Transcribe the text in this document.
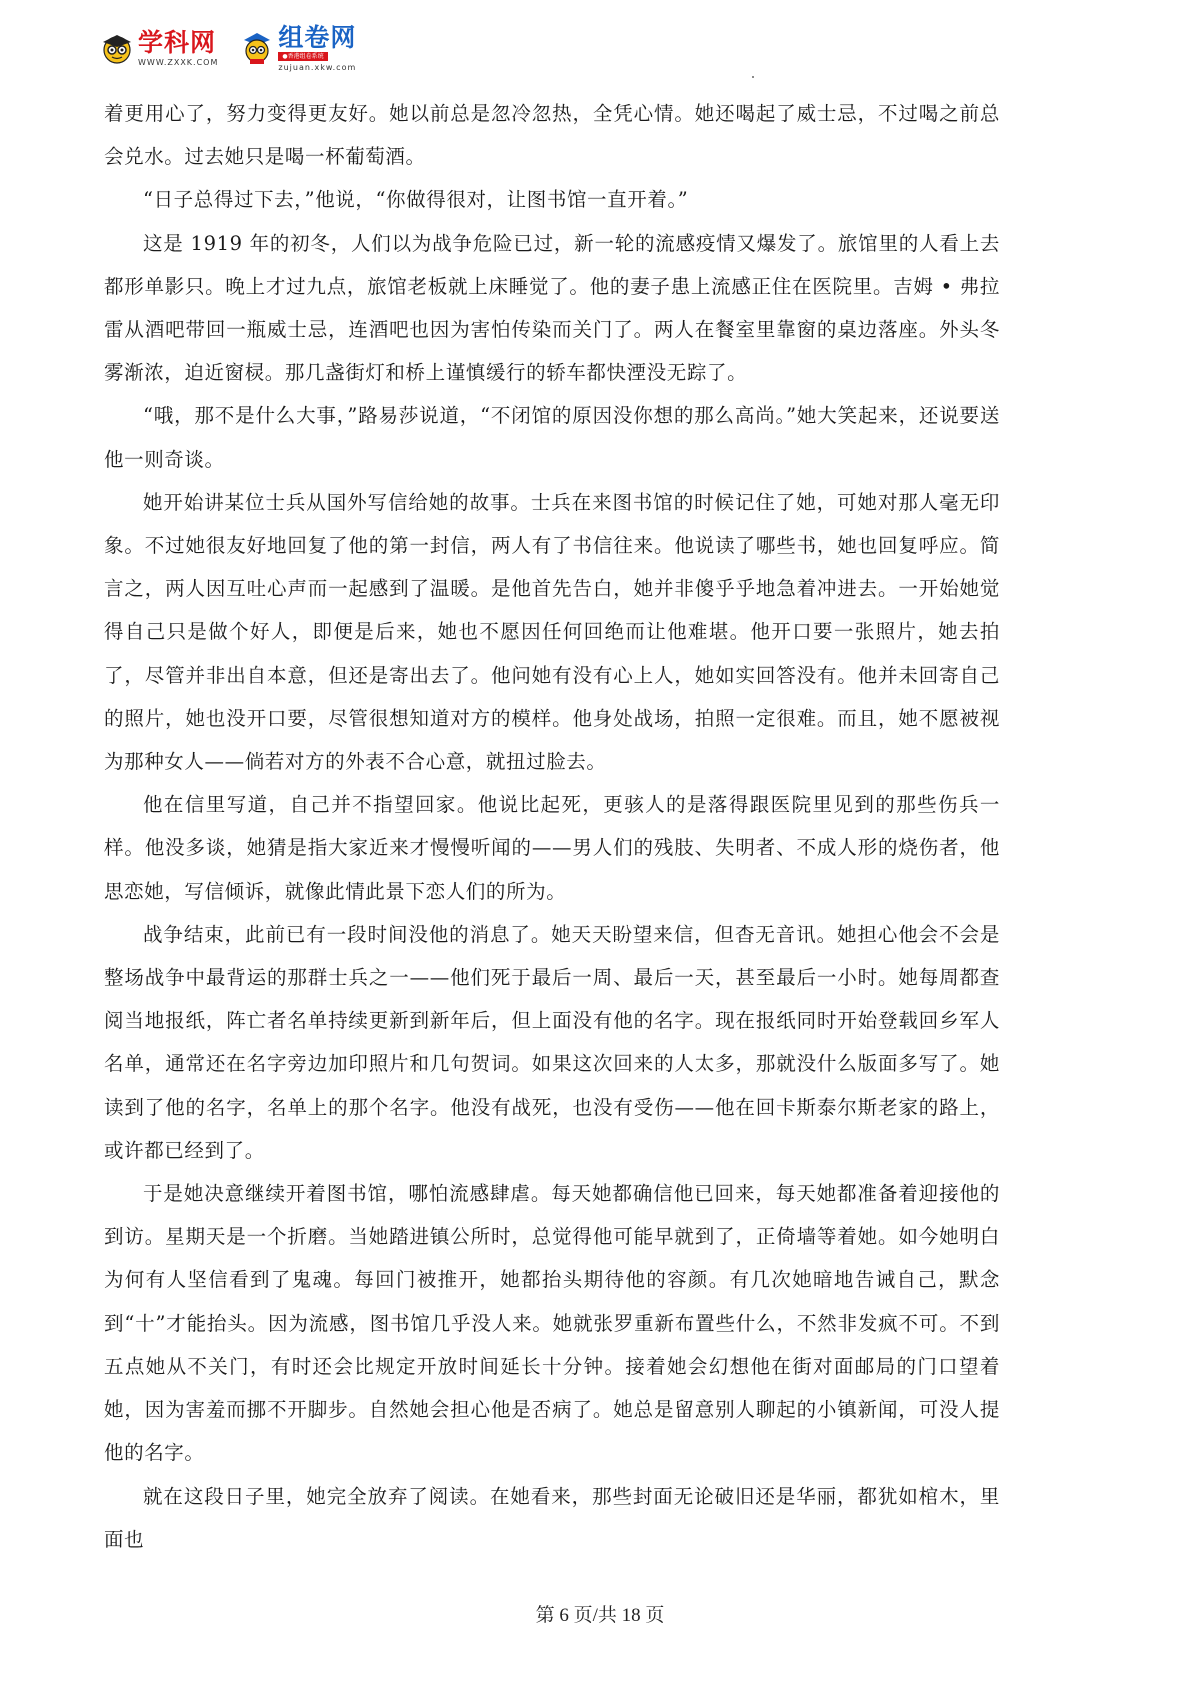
学科网
WWW.ZXXK.COM
组卷网
●香港组卷系统
zujuan.xkw.com

着更用心了，努力变得更友好。她以前总是忽冷忽热，全凭心情。她还喝起了威士忌，不过喝之前总会兑水。过去她只是喝一杯葡萄酒。

“日子总得过下去，”他说，“你做得很对，让图书馆一直开着。”

这是 1919 年的初冬，人们以为战争危险已过，新一轮的流感疫情又爆发了。旅馆里的人看上去都形单影只。晚上才过九点，旅馆老板就上床睡觉了。他的妻子患上流感正住在医院里。吉姆 • 弗拉雷从酒吧带回一瓶威士忌，连酒吧也因为害怕传染而关门了。两人在餐室里靠窗的桌边落座。外头冬雾渐浓，迫近窗棂。那几盏街灯和桥上谨慎缓行的轿车都快湮没无踪了。

“哦，那不是什么大事，”路易莎说道，“不闭馆的原因没你想的那么高尚。”她大笑起来，还说要送他一则奇谈。

她开始讲某位士兵从国外写信给她的故事。士兵在来图书馆的时候记住了她，可她对那人毫无印象。不过她很友好地回复了他的第一封信，两人有了书信往来。他说读了哪些书，她也回复呼应。简言之，两人因互吐心声而一起感到了温暖。是他首先告白，她并非傻乎乎地急着冲进去。一开始她觉得自己只是做个好人，即便是后来，她也不愿因任何回绝而让他难堪。他开口要一张照片，她去拍了，尽管并非出自本意，但还是寄出去了。他问她有没有心上人，她如实回答没有。他并未回寄自己的照片，她也没开口要，尽管很想知道对方的模样。他身处战场，拍照一定很难。而且，她不愿被视为那种女人——倘若对方的外表不合心意，就扭过脸去。

他在信里写道，自己并不指望回家。他说比起死，更骇人的是落得跟医院里见到的那些伤兵一样。他没多谈，她猜是指大家近来才慢慢听闻的——男人们的残肢、失明者、不成人形的烧伤者，他思恋她，写信倾诉，就像此情此景下恋人们的所为。

战争结束，此前已有一段时间没他的消息了。她天天盼望来信，但杳无音讯。她担心他会不会是整场战争中最背运的那群士兵之一——他们死于最后一周、最后一天，甚至最后一小时。她每周都查阅当地报纸，阵亡者名单持续更新到新年后，但上面没有他的名字。现在报纸同时开始登载回乡军人名单，通常还在名字旁边加印照片和几句贺词。如果这次回来的人太多，那就没什么版面多写了。她读到了他的名字，名单上的那个名字。他没有战死，也没有受伤——他在回卡斯泰尔斯老家的路上，或许都已经到了。

于是她决意继续开着图书馆，哪怕流感肆虐。每天她都确信他已回来，每天她都准备着迎接他的到访。星期天是一个折磨。当她踏进镇公所时，总觉得他可能早就到了，正倚墙等着她。如今她明白为何有人坚信看到了鬼魂。每回门被推开，她都抬头期待他的容颜。有几次她暗地告诫自己，默念到“十”才能抬头。因为流感，图书馆几乎没人来。她就张罗重新布置些什么，不然非发疯不可。不到五点她从不关门，有时还会比规定开放时间延长十分钟。接着她会幻想他在街对面邮局的门口望着她，因为害羞而挪不开脚步。自然她会担心他是否病了。她总是留意别人聊起的小镇新闻，可没人提他的名字。

就在这段日子里，她完全放弃了阅读。在她看来，那些封面无论破旧还是华丽，都犹如棺木，里面也

第 6 页/共 18 页
